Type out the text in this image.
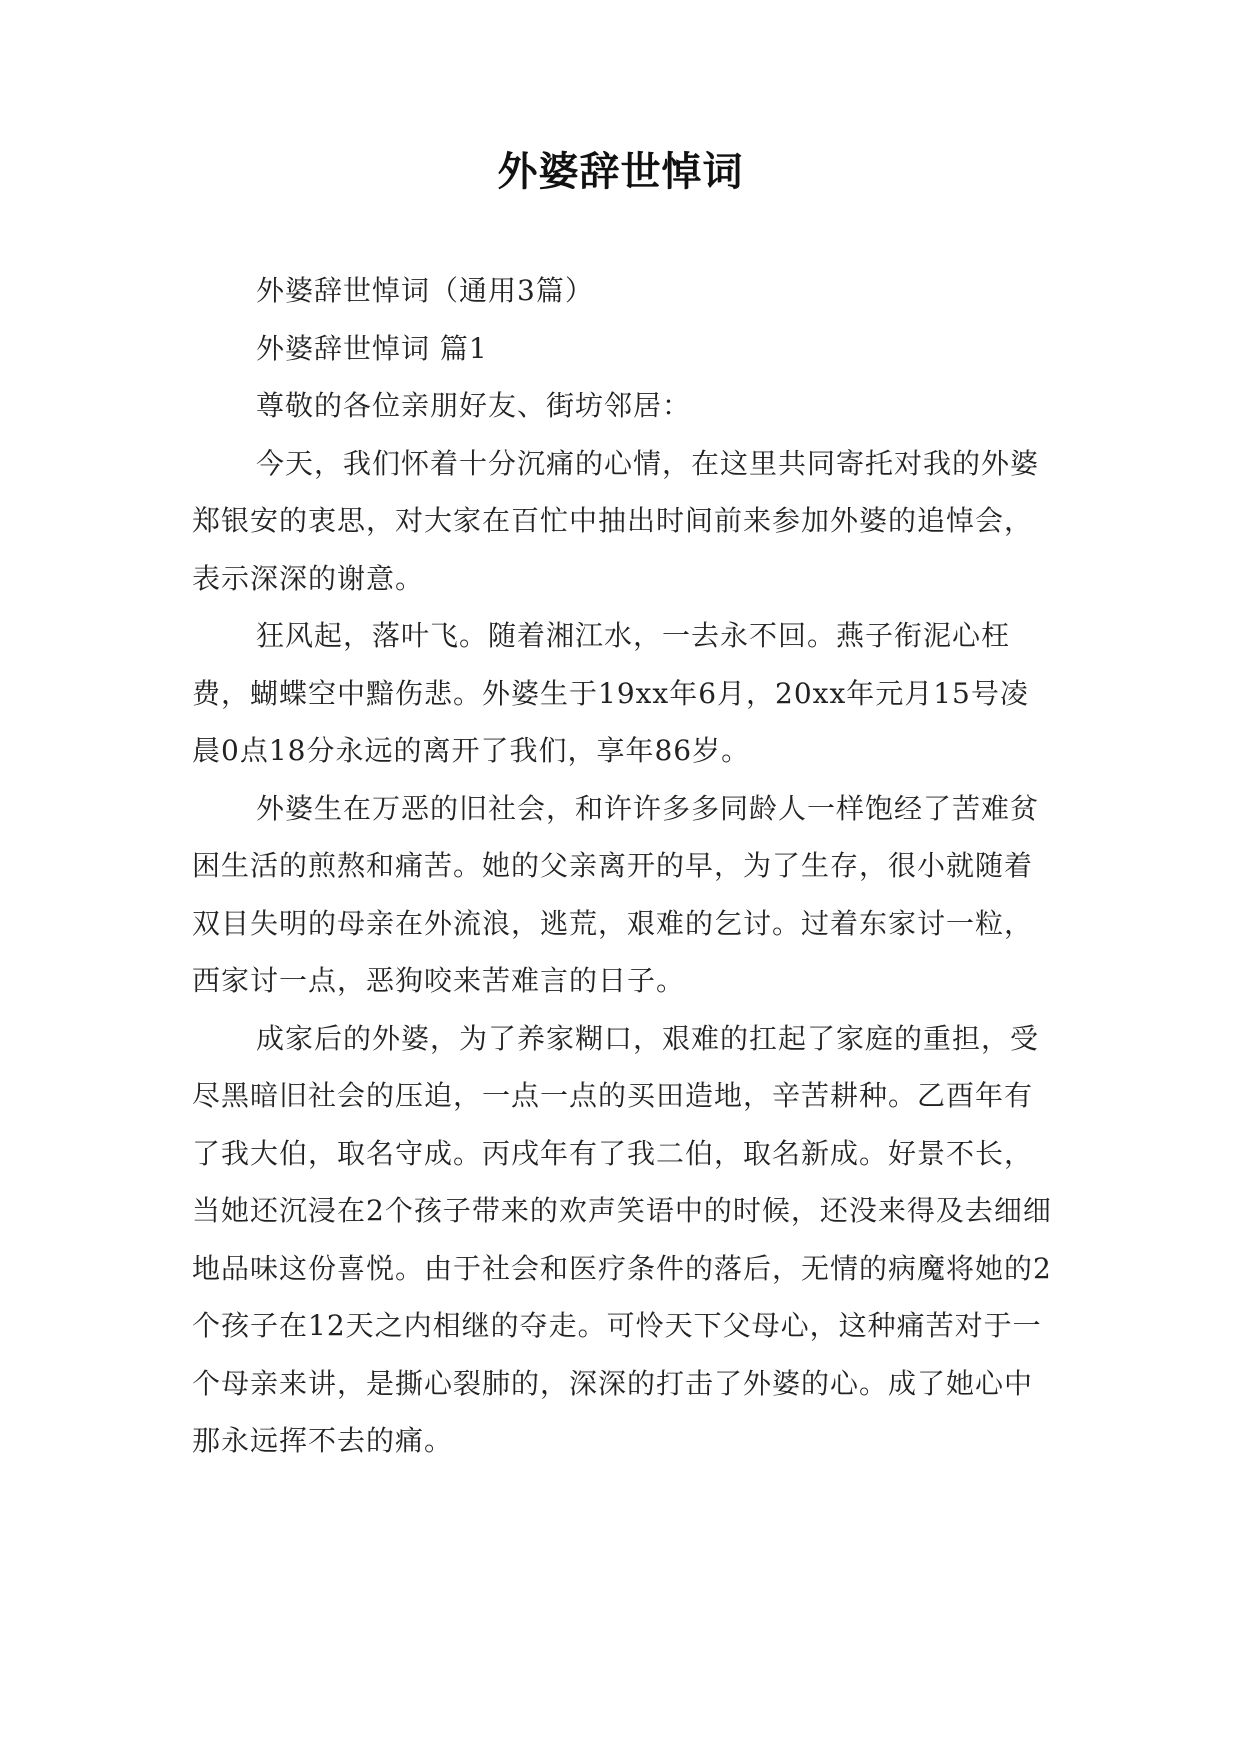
外婆辞世悼词

外婆辞世悼词（通用3篇）

外婆辞世悼词 篇1

尊敬的各位亲朋好友、街坊邻居：

今天，我们怀着十分沉痛的心情，在这里共同寄托对我的外婆郑银安的衷思，对大家在百忙中抽出时间前来参加外婆的追悼会，表示深深的谢意。

狂风起，落叶飞。随着湘江水，一去永不回。燕子衔泥心枉费，蝴蝶空中黯伤悲。外婆生于19xx年6月，20xx年元月15号凌晨0点18分永远的离开了我们，享年86岁。

外婆生在万恶的旧社会，和许许多多同龄人一样饱经了苦难贫困生活的煎熬和痛苦。她的父亲离开的早，为了生存，很小就随着双目失明的母亲在外流浪，逃荒，艰难的乞讨。过着东家讨一粒，西家讨一点，恶狗咬来苦难言的日子。

成家后的外婆，为了养家糊口，艰难的扛起了家庭的重担，受尽黑暗旧社会的压迫，一点一点的买田造地，辛苦耕种。乙酉年有了我大伯，取名守成。丙戌年有了我二伯，取名新成。好景不长，当她还沉浸在2个孩子带来的欢声笑语中的时候，还没来得及去细细地品味这份喜悦。由于社会和医疗条件的落后，无情的病魔将她的2个孩子在12天之内相继的夺走。可怜天下父母心，这种痛苦对于一个母亲来讲，是撕心裂肺的，深深的打击了外婆的心。成了她心中那永远挥不去的痛。
